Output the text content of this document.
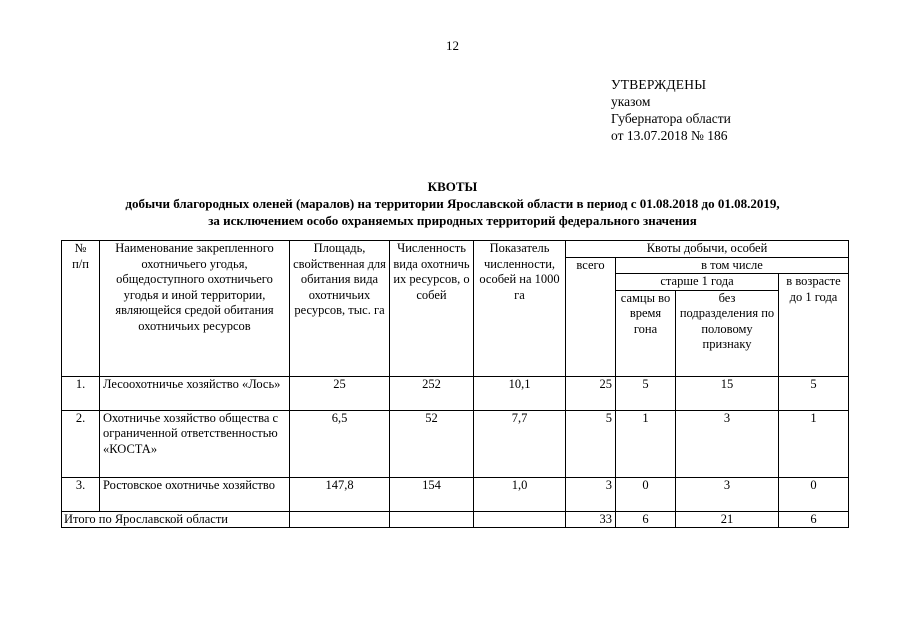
12
УТВЕРЖДЕНЫ
указом
Губернатора области
от 13.07.2018 № 186
КВОТЫ
добычи благородных оленей (маралов) на территории Ярославской области в период с 01.08.2018 до 01.08.2019,
за исключением особо охраняемых природных территорий федерального значения
№ п/п	Наименование закрепленного охотничьего угодья, общедоступного охотничьего угодья и иной территории, являющейся средой обитания охотничьих ресурсов	Площадь, свойственная для обитания вида охотничьих ресурсов, тыс. га	Численность вида охотничьих ресурсов, особей	Показатель численности, особей на 1000 га	Квоты добычи, особей			
					всего	в том числе		
						старше 1 года		в возрасте до 1 года
						самцы во время гона	без подразделения по половому признаку	
1.	Лесоохотничье хозяйство «Лось»	25	252	10,1	25	5	15	5
2.	Охотничье хозяйство общества с ограниченной ответственностью «КОСТА»	6,5	52	7,7	5	1	3	1
3.	Ростовское охотничье хозяйство	147,8	154	1,0	3	0	3	0
Итого по Ярославской области					33	6	21	6
